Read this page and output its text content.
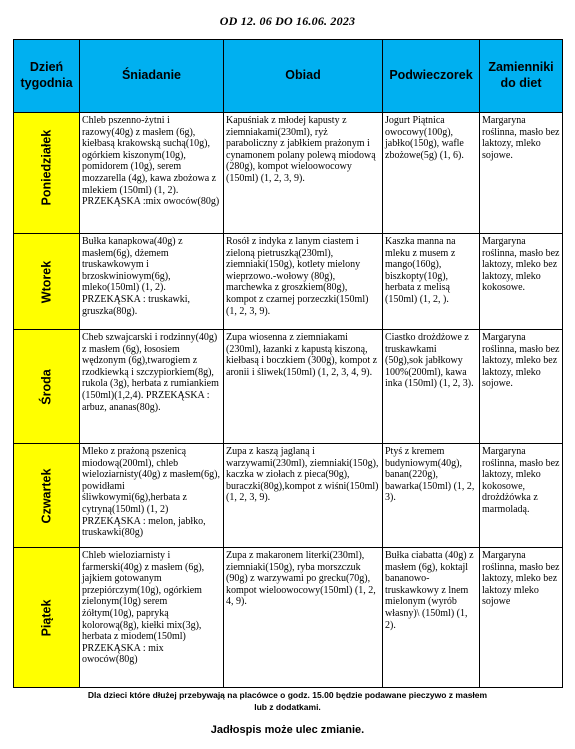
OD 12. 06 DO 16.06. 2023
Dzień tygodnia	Śniadanie	Obiad	Podwieczorek	Zamienniki do diet

Poniedziałek	Chleb pszenno-żytni i razowy(40g) z masłem (6g), kiełbasą krakowską suchą(10g), ogórkiem kiszonym(10g), pomidorem (10g), serem mozzarella (4g), kawa zbożowa z mlekiem (150ml) (1, 2). PRZEKĄSKA :mix owoców(80g)	Kapuśniak z młodej kapusty z ziemniakami(230ml), ryż paraboliczny z jabłkiem prażonym i cynamonem polany polewą miodową (280g), kompot wieloowocowy (150ml) (1, 2, 3, 9).	Jogurt Piątnica owocowy(100g), jabłko(150g), wafle zbożowe(5g) (1, 6).	Margaryna roślinna, masło bez laktozy, mleko sojowe.

Wtorek	Bułka kanapkowa(40g) z masłem(6g), dżemem truskawkowym i brzoskwiniowym(6g), mleko(150ml) (1, 2). PRZEKĄSKA : truskawki, gruszka(80g).	Rosół z indyka z lanym ciastem i zieloną pietruszką(230ml), ziemniaki(150g), kotlety mielony wieprzowo.-wołowy (80g), marchewka z groszkiem(80g), kompot z czarnej porzeczki(150ml) (1, 2, 3, 9).	Kaszka manna na mleku z musem z mango(160g), biszkopty(10g), herbata z melisą (150ml) (1, 2, ).	Margaryna roślinna, masło bez laktozy, mleko bez laktozy, mleko kokosowe.

Środa	Cheb szwajcarski i rodzinny(40g) z masłem (6g), łososiem wędzonym (6g),twarogiem z rzodkiewką i szczypiorkiem(8g), rukola (3g), herbata z rumiankiem (150ml)(1,2,4). PRZEKĄSKA : arbuz, ananas(80g).	Zupa wiosenna z ziemniakami (230ml), łazanki z kapustą kiszoną, kiełbasą i boczkiem (300g), kompot z aronii i śliwek(150ml) (1, 2, 3, 4, 9).	Ciastko drożdżowe z truskawkami (50g),sok jabłkowy 100%(200ml), kawa inka (150ml) (1, 2, 3).	Margaryna roślinna, masło bez laktozy, mleko bez laktozy, mleko sojowe.

Czwartek	Mleko z prażoną pszenicą miodową(200ml), chleb wieloziarnisty(40g) z masłem(6g), powidłami śliwkowymi(6g),herbata z cytryną(150ml) (1, 2) PRZEKĄSKA : melon, jabłko, truskawki(80g)	Zupa z kaszą jaglaną i warzywami(230ml), ziemniaki(150g), kaczka w ziołach z pieca(90g), buraczki(80g),kompot z wiśni(150ml) (1, 2, 3, 9).	Ptyś z kremem budyniowym(40g), banan(220g), bawarka(150ml) (1, 2, 3).	Margaryna roślinna, masło bez laktozy, mleko kokosowe, drożdżówka z marmoladą.

Piątek	Chleb wieloziarnisty i farmerski(40g) z masłem (6g), jajkiem gotowanym przepiórczym(10g), ogórkiem zielonym(10g) serem żółtym(10g), papryką kolorową(8g), kiełki mix(3g), herbata z miodem(150ml) PRZEKĄSKA : mix owoców(80g)	Zupa z makaronem literki(230ml), ziemniaki(150g), ryba morszczuk (90g) z warzywami po grecku(70g), kompot wieloowocowy(150ml) (1, 2, 4, 9).	Bułka ciabatta (40g) z masłem (6g), koktajl bananowo-truskawkowy z lnem mielonym (wyrób własny)\ (150ml) (1, 2).	Margaryna roślinna, masło bez laktozy, mleko bez laktozy mleko sojowe
Dla dzieci które dłużej przebywają na placówce o godz. 15.00 będzie podawane pieczywo z masłem
lub z dodatkami.
Jadłospis może ulec zmianie.
